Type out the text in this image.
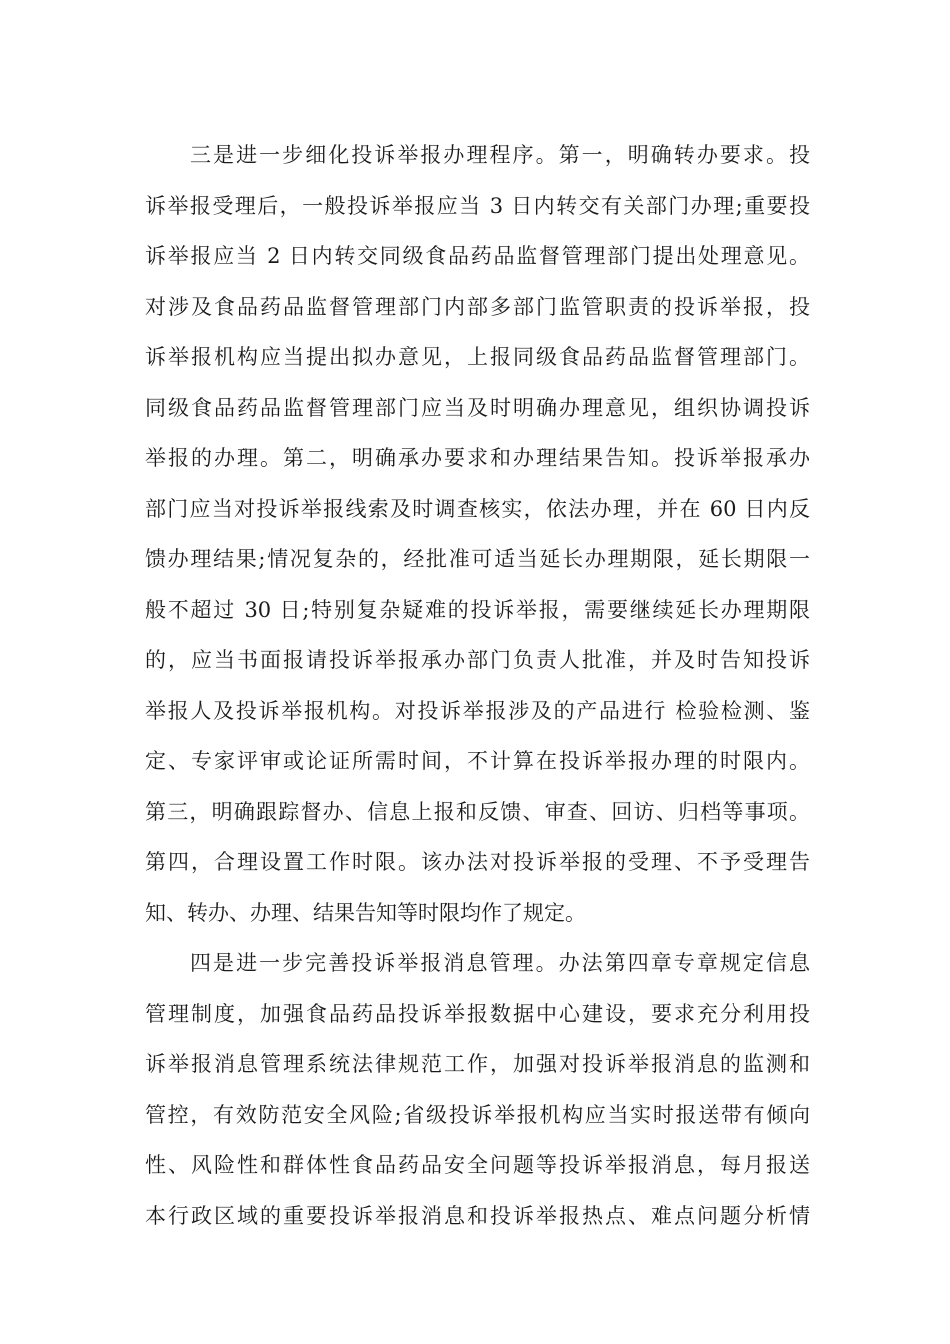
三是进一步细化投诉举报办理程序。第一，明确转办要求。投
诉举报受理后，一般投诉举报应当 3 日内转交有关部门办理;重要投
诉举报应当 2 日内转交同级食品药品监督管理部门提出处理意见。
对涉及食品药品监督管理部门内部多部门监管职责的投诉举报，投
诉举报机构应当提出拟办意见，上报同级食品药品监督管理部门。
同级食品药品监督管理部门应当及时明确办理意见，组织协调投诉
举报的办理。第二，明确承办要求和办理结果告知。投诉举报承办
部门应当对投诉举报线索及时调查核实，依法办理，并在 60 日内反
馈办理结果;情况复杂的，经批准可适当延长办理期限，延长期限一
般不超过 30 日;特别复杂疑难的投诉举报，需要继续延长办理期限
的，应当书面报请投诉举报承办部门负责人批准，并及时告知投诉
举报人及投诉举报机构。对投诉举报涉及的产品进行 检验检测、鉴
定、专家评审或论证所需时间，不计算在投诉举报办理的时限内。
第三，明确跟踪督办、信息上报和反馈、审查、回访、归档等事项。
第四，合理设置工作时限。该办法对投诉举报的受理、不予受理告
知、转办、办理、结果告知等时限均作了规定。
四是进一步完善投诉举报消息管理。办法第四章专章规定信息
管理制度，加强食品药品投诉举报数据中心建设，要求充分利用投
诉举报消息管理系统法律规范工作，加强对投诉举报消息的监测和
管控，有效防范安全风险;省级投诉举报机构应当实时报送带有倾向
性、风险性和群体性食品药品安全问题等投诉举报消息，每月报送
本行政区域的重要投诉举报消息和投诉举报热点、难点问题分析情
